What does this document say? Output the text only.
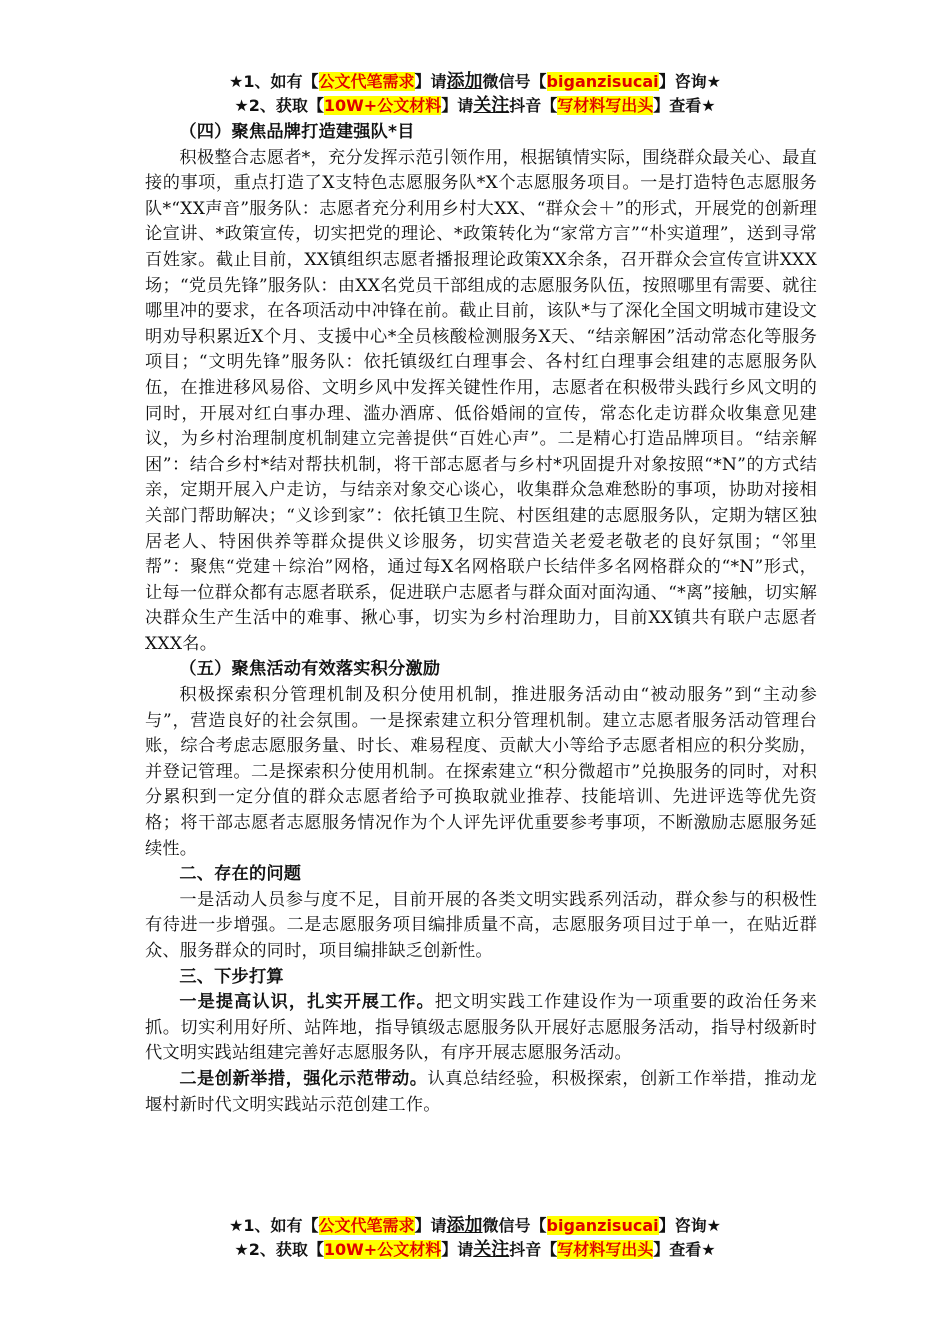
★1、如有【公文代笔需求】请添加微信号【biganzisucai】咨询★
★2、获取【10W+公文材料】请关注抖音【写材料写出头】查看★
（四）聚焦品牌打造建强队*目

积极整合志愿者*，充分发挥示范引领作用，根据镇情实际，围绕群众最关心、最直接的事项，重点打造了X支特色志愿服务队*X个志愿服务项目。一是打造特色志愿服务队*“XX声音”服务队：志愿者充分利用乡村大XX、“群众会＋”的形式，开展党的创新理论宣讲、*政策宣传，切实把党的理论、*政策转化为“家常方言”“朴实道理”，送到寻常百姓家。截止目前，XX镇组织志愿者播报理论政策XX余条，召开群众会宣传宣讲XXX场；“党员先锋”服务队：由XX名党员干部组成的志愿服务队伍，按照哪里有需要、就往哪里冲的要求，在各项活动中冲锋在前。截止目前，该队*与了深化全国文明城市建设文明劝导积累近X个月、支援中心*全员核酸检测服务X天、“结亲解困”活动常态化等服务项目；“文明先锋”服务队：依托镇级红白理事会、各村红白理事会组建的志愿服务队伍，在推进移风易俗、文明乡风中发挥关键性作用，志愿者在积极带头践行乡风文明的同时，开展对红白事办理、滥办酒席、低俗婚闹的宣传，常态化走访群众收集意见建议，为乡村治理制度机制建立完善提供“百姓心声”。二是精心打造品牌项目。“结亲解困”：结合乡村*结对帮扶机制，将干部志愿者与乡村*巩固提升对象按照“*N”的方式结亲，定期开展入户走访，与结亲对象交心谈心，收集群众急难愁盼的事项，协助对接相关部门帮助解决；“义诊到家”：依托镇卫生院、村医组建的志愿服务队，定期为辖区独居老人、特困供养等群众提供义诊服务，切实营造关老爱老敬老的良好氛围；“邻里帮”：聚焦“党建＋综治”网格，通过每X名网格联户长结伴多名网格群众的“*N”形式，让每一位群众都有志愿者联系，促进联户志愿者与群众面对面沟通、“*离”接触，切实解决群众生产生活中的难事、揪心事，切实为乡村治理助力，目前XX镇共有联户志愿者XXX名。

（五）聚焦活动有效落实积分激励

积极探索积分管理机制及积分使用机制，推进服务活动由“被动服务”到“主动参与”，营造良好的社会氛围。一是探索建立积分管理机制。建立志愿者服务活动管理台账，综合考虑志愿服务量、时长、难易程度、贡献大小等给予志愿者相应的积分奖励，并登记管理。二是探索积分使用机制。在探索建立“积分微超市”兑换服务的同时，对积分累积到一定分值的群众志愿者给予可换取就业推荐、技能培训、先进评选等优先资格；将干部志愿者志愿服务情况作为个人评先评优重要参考事项，不断激励志愿服务延续性。

二、存在的问题

一是活动人员参与度不足，目前开展的各类文明实践系列活动，群众参与的积极性有待进一步增强。二是志愿服务项目编排质量不高，志愿服务项目过于单一，在贴近群众、服务群众的同时，项目编排缺乏创新性。

三、下步打算

一是提高认识，扎实开展工作。把文明实践工作建设作为一项重要的政治任务来抓。切实利用好所、站阵地，指导镇级志愿服务队开展好志愿服务活动，指导村级新时代文明实践站组建完善好志愿服务队，有序开展志愿服务活动。

二是创新举措，强化示范带动。认真总结经验，积极探索，创新工作举措，推动龙堰村新时代文明实践站示范创建工作。

★1、如有【公文代笔需求】请添加微信号【biganzisucai】咨询★
★2、获取【10W+公文材料】请关注抖音【写材料写出头】查看★
